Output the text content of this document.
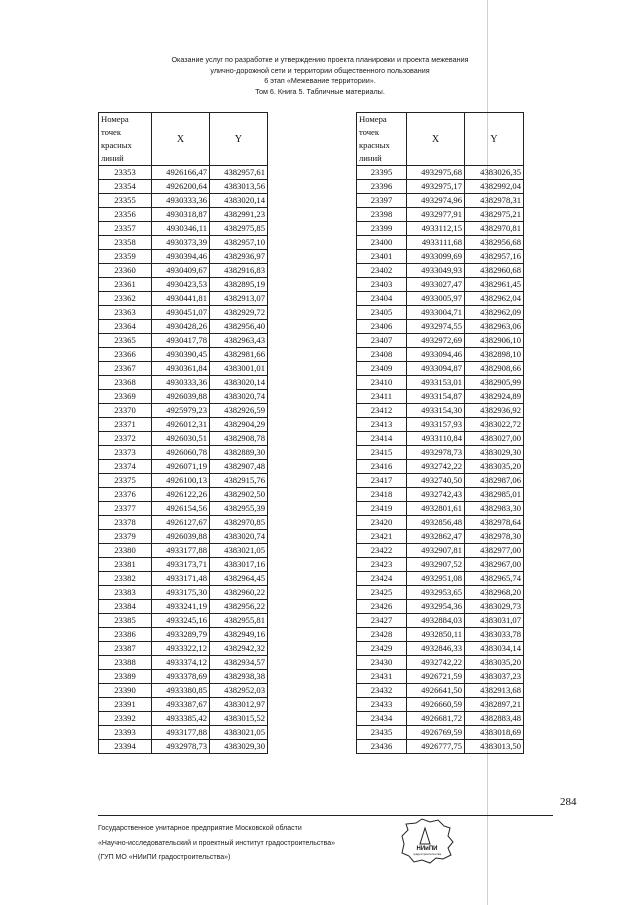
Оказание услуг по разработке и утверждению проекта планировки и проекта межевания
улично-дорожной сети и территории общественного пользования
6 этап «Межевание территории».
Том 6. Книга 5. Табличные материалы.
Номера
точек
красных
линий	X	Y
23353	4926166,47	4382957,61
23354	4926200,64	4383013,56
23355	4930333,36	4383020,14
23356	4930318,87	4382991,23
23357	4930346,11	4382975,85
23358	4930373,39	4382957,10
23359	4930394,46	4382936,97
23360	4930409,67	4382916,83
23361	4930423,53	4382895,19
23362	4930441,81	4382913,07
23363	4930451,07	4382929,72
23364	4930428,26	4382956,40
23365	4930417,78	4382963,43
23366	4930390,45	4382981,66
23367	4930361,84	4383001,01
23368	4930333,36	4383020,14
23369	4926039,88	4383020,74
23370	4925979,23	4382926,59
23371	4926012,31	4382904,29
23372	4926030,51	4382908,78
23373	4926060,78	4382889,30
23374	4926071,19	4382907,48
23375	4926100,13	4382915,76
23376	4926122,26	4382902,50
23377	4926154,56	4382955,39
23378	4926127,67	4382970,85
23379	4926039,88	4383020,74
23380	4933177,88	4383021,05
23381	4933173,71	4383017,16
23382	4933171,48	4382964,45
23383	4933175,30	4382960,22
23384	4933241,19	4382956,22
23385	4933245,16	4382955,81
23386	4933289,79	4382949,16
23387	4933322,12	4382942,32
23388	4933374,12	4382934,57
23389	4933378,69	4382938,38
23390	4933380,85	4382952,03
23391	4933387,67	4383012,97
23392	4933385,42	4383015,52
23393	4933177,88	4383021,05
23394	4932978,73	4383029,30
Номера
точек
красных
линий	X	Y
23395	4932975,68	4383026,35
23396	4932975,17	4382992,04
23397	4932974,96	4382978,31
23398	4932977,91	4382975,21
23399	4933112,15	4382970,81
23400	4933111,68	4382956,68
23401	4933099,69	4382957,16
23402	4933049,93	4382960,68
23403	4933027,47	4382961,45
23404	4933005,97	4382962,04
23405	4933004,71	4382962,09
23406	4932974,55	4382963,06
23407	4932972,69	4382906,10
23408	4933094,46	4382898,10
23409	4933094,87	4382908,66
23410	4933153,01	4382905,99
23411	4933154,87	4382924,89
23412	4933154,30	4382936,92
23413	4933157,93	4383022,72
23414	4933110,84	4383027,00
23415	4932978,73	4383029,30
23416	4932742,22	4383035,20
23417	4932740,50	4382987,06
23418	4932742,43	4382985,01
23419	4932801,61	4382983,30
23420	4932856,48	4382978,64
23421	4932862,47	4382978,30
23422	4932907,81	4382977,00
23423	4932907,52	4382967,00
23424	4932951,08	4382965,74
23425	4932953,65	4382968,20
23426	4932954,36	4383029,73
23427	4932884,03	4383031,07
23428	4932850,11	4383033,78
23429	4932846,33	4383034,14
23430	4932742,22	4383035,20
23431	4926721,59	4383037,23
23432	4926641,50	4382913,68
23433	4926660,59	4382897,21
23434	4926681,72	4382883,48
23435	4926769,59	4383018,69
23436	4926777,75	4383013,50
284
Государственное унитарное предприятие Московской области
«Научно-исследовательский и проектный институт градостроительства»
(ГУП МО «НИиПИ градостроительства»)
НИиПИ
градостроительства
